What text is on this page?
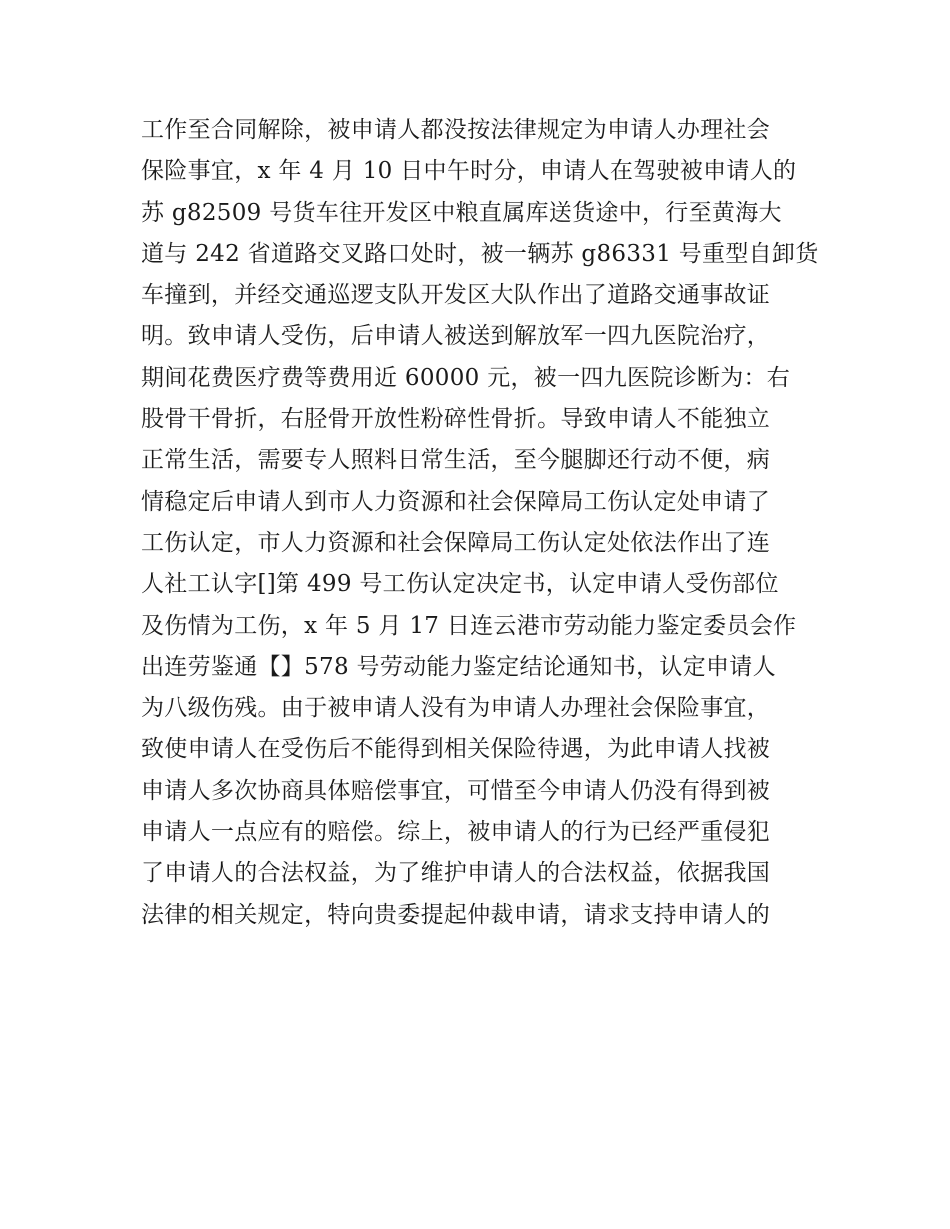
工作至合同解除，被申请人都没按法律规定为申请人办理社会
保险事宜，x 年 4 月 10 日中午时分，申请人在驾驶被申请人的
苏 g82509 号货车往开发区中粮直属库送货途中，行至黄海大
道与 242 省道路交叉路口处时，被一辆苏 g86331 号重型自卸货
车撞到，并经交通巡逻支队开发区大队作出了道路交通事故证
明。致申请人受伤，后申请人被送到解放军一四九医院治疗，
期间花费医疗费等费用近 60000 元，被一四九医院诊断为：右
股骨干骨折，右胫骨开放性粉碎性骨折。导致申请人不能独立
正常生活，需要专人照料日常生活，至今腿脚还行动不便，病
情稳定后申请人到市人力资源和社会保障局工伤认定处申请了
工伤认定，市人力资源和社会保障局工伤认定处依法作出了连
人社工认字[]第 499 号工伤认定决定书，认定申请人受伤部位
及伤情为工伤，x 年 5 月 17 日连云港市劳动能力鉴定委员会作
出连劳鉴通【】578 号劳动能力鉴定结论通知书，认定申请人
为八级伤残。由于被申请人没有为申请人办理社会保险事宜，
致使申请人在受伤后不能得到相关保险待遇，为此申请人找被
申请人多次协商具体赔偿事宜，可惜至今申请人仍没有得到被
申请人一点应有的赔偿。综上，被申请人的行为已经严重侵犯
了申请人的合法权益，为了维护申请人的合法权益，依据我国
法律的相关规定，特向贵委提起仲裁申请，请求支持申请人的
